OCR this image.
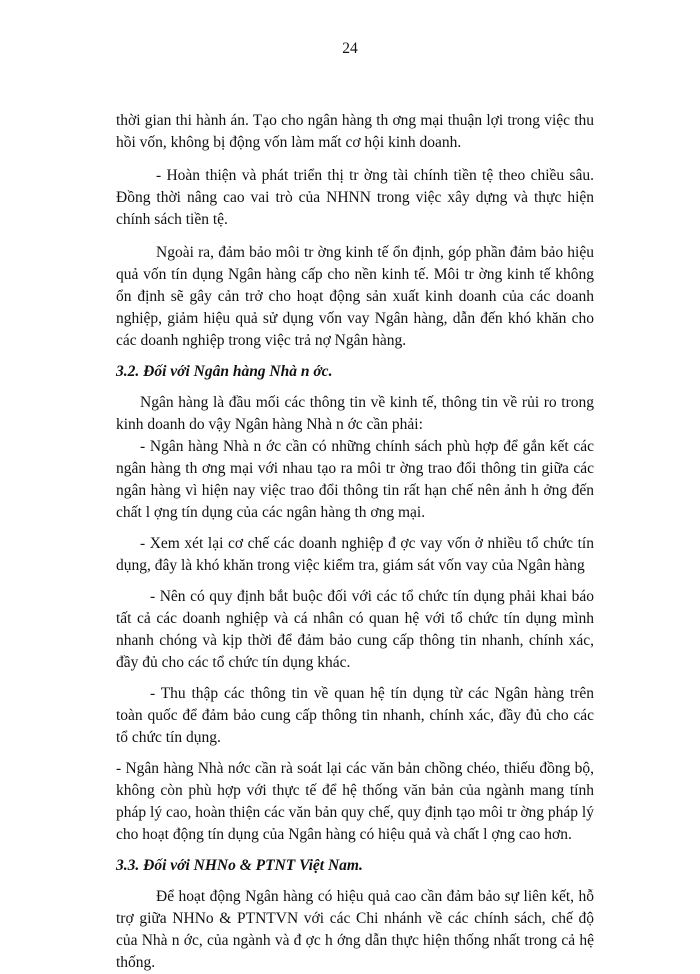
24

thời gian thi hành án. Tạo cho ngân hàng th ơng mại thuận lợi trong việc thu hồi vốn, không bị động vốn làm mất cơ hội kinh doanh.

- Hoàn thiện và phát triển thị tr ờng tài chính tiền tệ theo chiều sâu. Đồng thời nâng cao vai trò của NHNN trong việc xây dựng và thực hiện chính sách tiền tệ.

Ngoài ra, đảm bảo môi tr ờng kinh tế ổn định, góp phần đảm bảo hiệu quả vốn tín dụng Ngân hàng cấp cho nền kinh tế. Môi tr ờng kinh tế không ổn định sẽ gây cản trở cho hoạt động sản xuất kinh doanh của các doanh nghiệp, giảm hiệu quả sử dụng vốn vay Ngân hàng, dẫn đến khó khăn cho các doanh nghiệp trong việc trả nợ Ngân hàng.

3.2. Đối với Ngân hàng Nhà n ớc.

Ngân hàng là đầu mối các thông tin về kinh tế, thông tin về rủi ro trong kinh doanh do vậy Ngân hàng Nhà n ớc cần phải:

- Ngân hàng Nhà n ớc cần có những chính sách phù hợp để gắn kết các ngân hàng th ơng mại với nhau tạo ra môi tr ờng trao đổi thông tin giữa các ngân hàng vì hiện nay việc trao đổi thông tin rất hạn chế nên ảnh h ởng đến chất l ợng tín dụng của các ngân hàng th ơng mại.

- Xem xét lại cơ chế các doanh nghiệp đ ợc vay vốn ở nhiều tổ chức tín dụng, đây là khó khăn trong việc kiểm tra, giám sát vốn vay của Ngân hàng

- Nên có quy định bắt buộc đối với các tổ chức tín dụng phải khai báo tất cả các doanh nghiệp và cá nhân có quan hệ với tổ chức tín dụng mình nhanh chóng và kịp thời để đảm bảo cung cấp thông tin nhanh, chính xác, đầy đủ cho các tổ chức tín dụng khác.

- Thu thập các thông tin về quan hệ tín dụng từ các Ngân hàng trên toàn quốc để đảm bảo cung cấp thông tin nhanh, chính xác, đầy đủ cho các tổ chức tín dụng.

- Ngân hàng Nhà nớc cần rà soát lại các văn bản chồng chéo, thiếu đồng bộ, không còn phù hợp với thực tế để hệ thống văn bản của ngành mang tính pháp lý cao, hoàn thiện các văn bản quy chế, quy định tạo môi tr ờng pháp lý cho hoạt động tín dụng của Ngân hàng có hiệu quả và chất l ợng cao hơn.

3.3. Đối với NHNo & PTNT Việt Nam.

Để hoạt động Ngân hàng có hiệu quả cao cần đảm bảo sự liên kết, hỗ trợ giữa NHNo & PTNTVN với các Chi nhánh về các chính sách, chế độ của Nhà n ớc, của ngành và đ ợc h ớng dẫn thực hiện thống nhất trong cả hệ thống.
